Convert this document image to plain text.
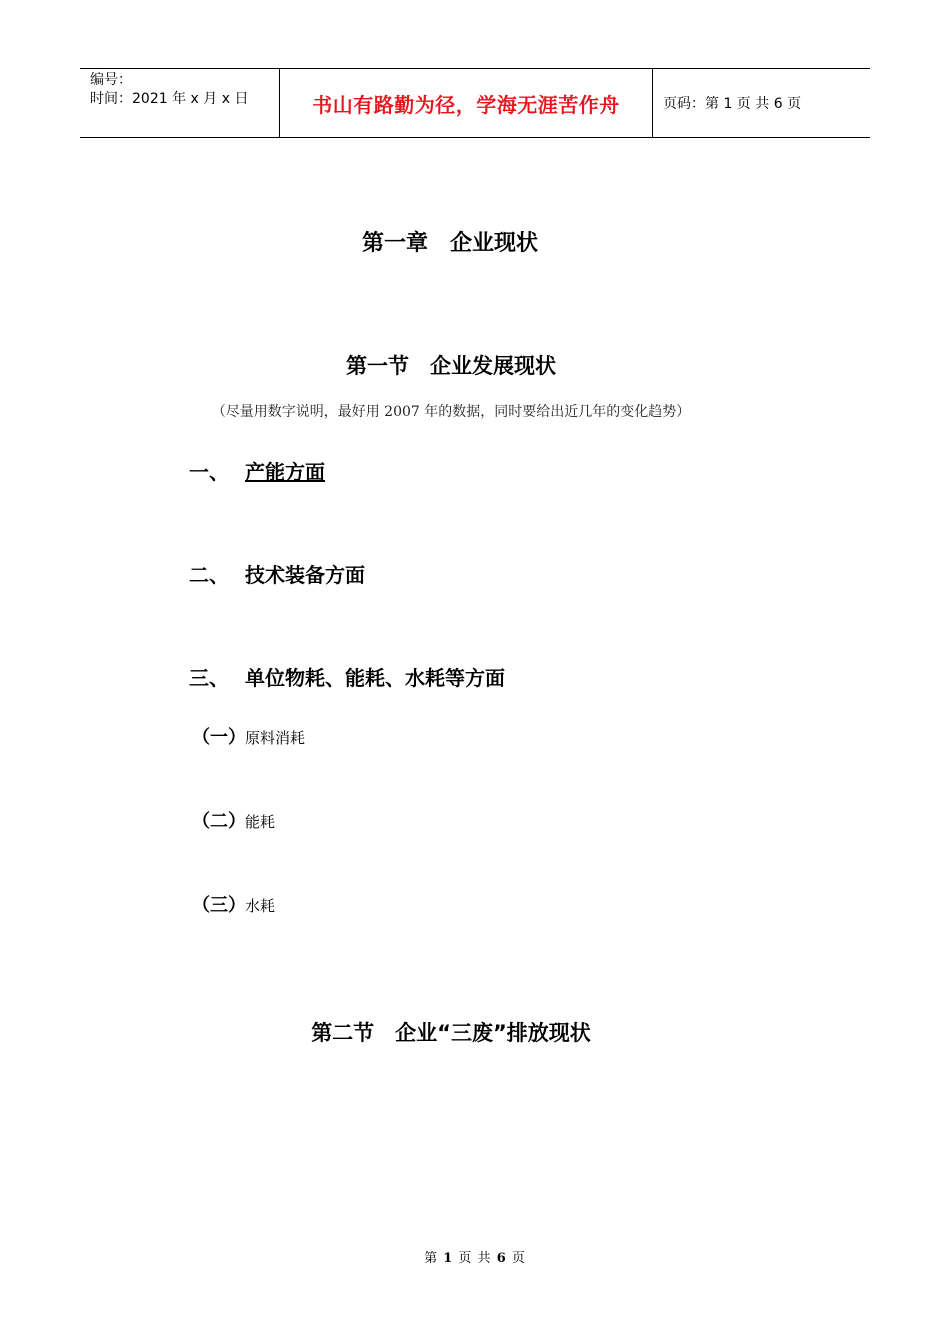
编号：
时间：2021 年 x 月 x 日	书山有路勤为径，学海无涯苦作舟	页码：第 1 页 共 6 页
第一章　企业现状
第一节　企业发展现状
（尽量用数字说明，最好用 2007 年的数据，同时要给出近几年的变化趋势）
一、 产能方面
二、 技术装备方面
三、 单位物耗、能耗、水耗等方面
（一）原料消耗
（二）能耗
（三）水耗
第二节　企业“三废”排放现状
第 1 页 共 6 页
